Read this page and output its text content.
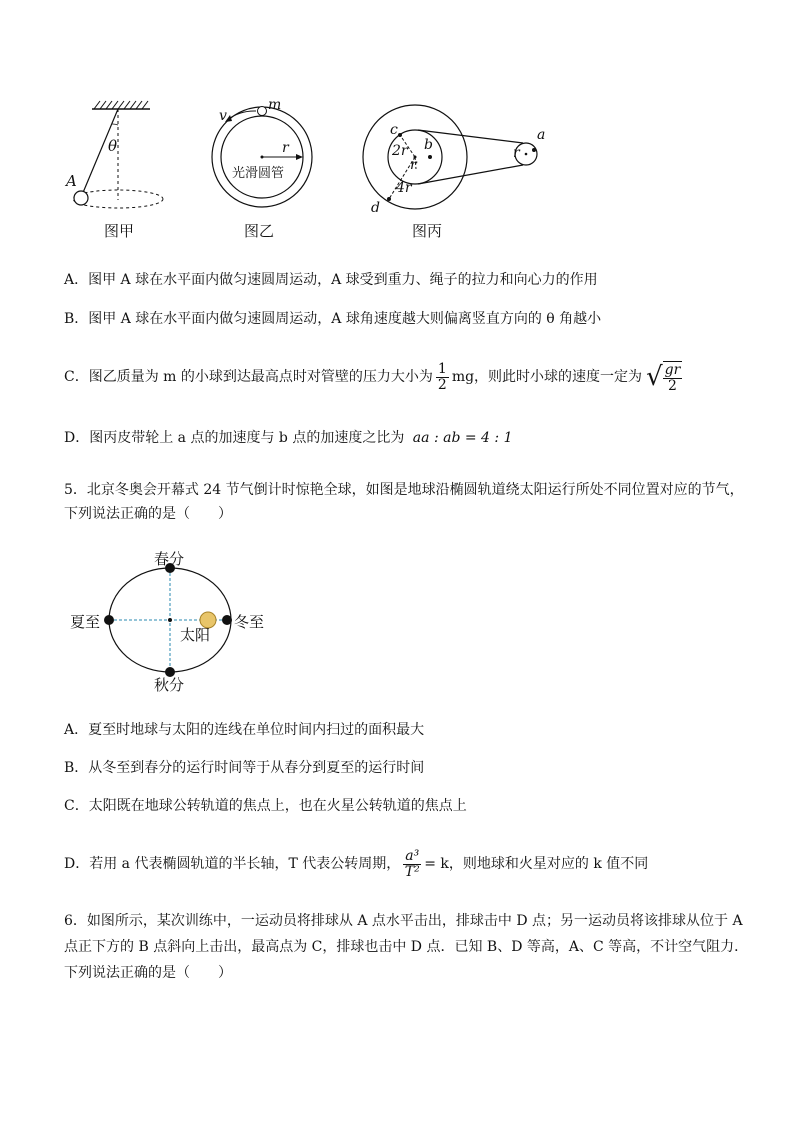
A
θ
图甲
v
m
r
光滑圆管
图乙
c
2r b
r
4r
d
a
r
图丙
A．图甲 A 球在水平面内做匀速圆周运动，A 球受到重力、绳子的拉力和向心力的作用
B．图甲 A 球在水平面内做匀速圆周运动，A 球角速度越大则偏离竖直方向的 θ 角越小
C．图乙质量为 m 的小球到达最高点时对管壁的压力大小为 $\frac{1}{2}$ mg，则此时小球的速度一定为 √ $\frac{gr}{2}$
D．图丙皮带轮上 a 点的加速度与 b 点的加速度之比为 aa : ab = 4 : 1
5．北京冬奥会开幕式 24 节气倒计时惊艳全球，如图是地球沿椭圆轨道绕太阳运行所处不同位置对应的节气，下列说法正确的是（　　）
春分
秋分
夏至	冬至
太阳
A．夏至时地球与太阳的连线在单位时间内扫过的面积最大
B．从冬至到春分的运行时间等于从春分到夏至的运行时间
C．太阳既在地球公转轨道的焦点上，也在火星公转轨道的焦点上
D．若用 a 代表椭圆轨道的半长轴，T 代表公转周期， $\frac{\text{a³}}{\text{T²}} = k$，则地球和火星对应的 k 值不同
6．如图所示，某次训练中，一运动员将排球从 A 点水平击出，排球击中 D 点；另一运动员将该排球从位于 A 点正下方的 B 点斜向上击出，最高点为 C，排球也击中 D 点．已知 B、D 等高，A、C 等高，不计空气阻力．下列说法正确的是（　　）
